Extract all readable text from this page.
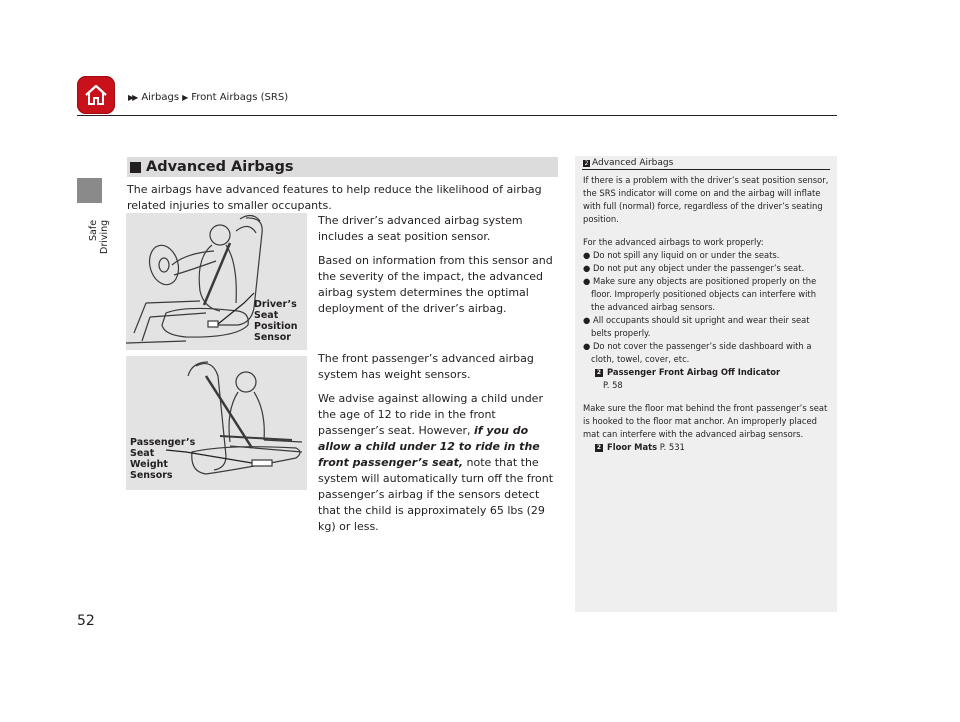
▶▶ Airbags ▶ Front Airbags (SRS)
Safe Driving
52
Advanced Airbags
The airbags have advanced features to help reduce the likelihood of airbag related injuries to smaller occupants.

The driver’s advanced airbag system includes a seat position sensor.

Based on information from this sensor and the severity of the impact, the advanced airbag system determines the optimal deployment of the driver’s airbag.

The front passenger’s advanced airbag system has weight sensors.

We advise against allowing a child under the age of 12 to ride in the front passenger’s seat. However, if you do allow a child under 12 to ride in the front passenger’s seat, note that the system will automatically turn off the front passenger’s airbag if the sensors detect that the child is approximately 65 lbs (29 kg) or less.

Driver’s
Seat
Position
Sensor
Passenger’s
Seat
Weight
Sensors
2 Advanced Airbags

If there is a problem with the driver’s seat position sensor, the SRS indicator will come on and the airbag will inflate with full (normal) force, regardless of the driver’s seating position.

For the advanced airbags to work properly:

● Do not spill any liquid on or under the seats.

● Do not put any object under the passenger’s seat.

● Make sure any objects are positioned properly on the floor. Improperly positioned objects can interfere with the advanced airbag sensors.

● All occupants should sit upright and wear their seat belts properly.

● Do not cover the passenger’s side dashboard with a cloth, towel, cover, etc.

2 Passenger Front Airbag Off Indicator

P. 58

Make sure the floor mat behind the front passenger’s seat is hooked to the floor mat anchor. An improperly placed mat can interfere with the advanced airbag sensors.

2 Floor Mats P. 531
